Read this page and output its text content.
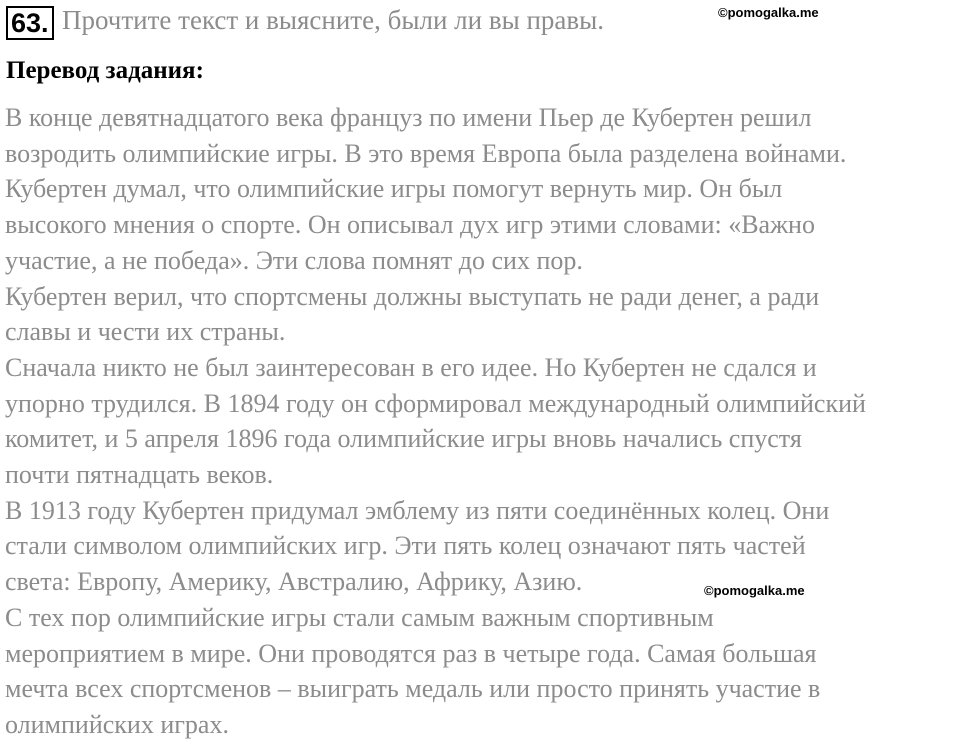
63. Прочтите текст и выясните, были ли вы правы.	©pomogalka.me
Перевод задания:
В конце девятнадцатого века француз по имени Пьер де Кубертен решил
возродить олимпийские игры. В это время Европа была разделена войнами.
Кубертен думал, что олимпийские игры помогут вернуть мир. Он был
высокого мнения о спорте. Он описывал дух игр этими словами: «Важно
участие, а не победа». Эти слова помнят до сих пор.
Кубертен верил, что спортсмены должны выступать не ради денег, а ради
славы и чести их страны.
Сначала никто не был заинтересован в его идее. Но Кубертен не сдался и
упорно трудился. В 1894 году он сформировал международный олимпийский
комитет, и 5 апреля 1896 года олимпийские игры вновь начались спустя
почти пятнадцать веков.
В 1913 году Кубертен придумал эмблему из пяти соединённых колец. Они
стали символом олимпийских игр. Эти пять колец означают пять частей
света: Европу, Америку, Австралию, Африку, Азию.
С тех пор олимпийские игры стали самым важным спортивным
мероприятием в мире. Они проводятся раз в четыре года. Самая большая
мечта всех спортсменов – выиграть медаль или просто принять участие в
олимпийских играх.
©pomogalka.me
